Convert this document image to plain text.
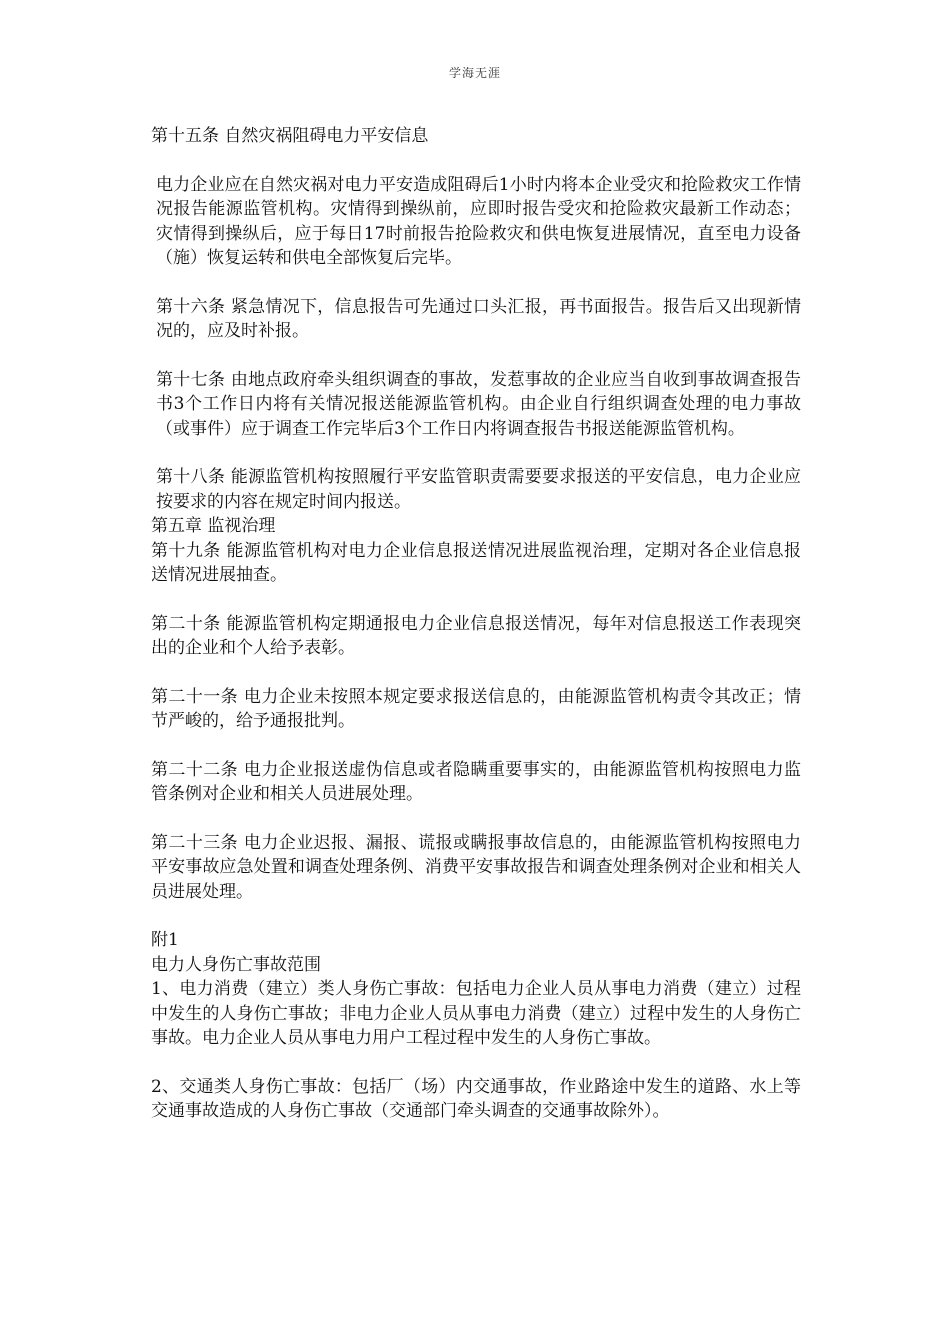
学海无涯

第十五条 自然灾祸阻碍电力平安信息

电力企业应在自然灾祸对电力平安造成阻碍后1小时内将本企业受灾和抢险救灾工作情况报告能源监管机构。灾情得到操纵前，应即时报告受灾和抢险救灾最新工作动态；灾情得到操纵后，应于每日17时前报告抢险救灾和供电恢复进展情况，直至电力设备（施）恢复运转和供电全部恢复后完毕。

第十六条 紧急情况下，信息报告可先通过口头汇报，再书面报告。报告后又出现新情况的，应及时补报。

第十七条 由地点政府牵头组织调查的事故，发惹事故的企业应当自收到事故调查报告书3个工作日内将有关情况报送能源监管机构。由企业自行组织调查处理的电力事故（或事件）应于调查工作完毕后3个工作日内将调查报告书报送能源监管机构。

第十八条 能源监管机构按照履行平安监管职责需要要求报送的平安信息，电力企业应按要求的内容在规定时间内报送。

第五章 监视治理

第十九条 能源监管机构对电力企业信息报送情况进展监视治理，定期对各企业信息报送情况进展抽查。

第二十条 能源监管机构定期通报电力企业信息报送情况，每年对信息报送工作表现突出的企业和个人给予表彰。

第二十一条 电力企业未按照本规定要求报送信息的，由能源监管机构责令其改正；情节严峻的，给予通报批判。

第二十二条 电力企业报送虚伪信息或者隐瞒重要事实的，由能源监管机构按照电力监管条例对企业和相关人员进展处理。

第二十三条 电力企业迟报、漏报、谎报或瞒报事故信息的，由能源监管机构按照电力平安事故应急处置和调查处理条例、消费平安事故报告和调查处理条例对企业和相关人员进展处理。

附1

电力人身伤亡事故范围

1、电力消费（建立）类人身伤亡事故：包括电力企业人员从事电力消费（建立）过程中发生的人身伤亡事故；非电力企业人员从事电力消费（建立）过程中发生的人身伤亡事故。电力企业人员从事电力用户工程过程中发生的人身伤亡事故。

2、交通类人身伤亡事故：包括厂（场）内交通事故，作业路途中发生的道路、水上等交通事故造成的人身伤亡事故（交通部门牵头调查的交通事故除外）。
